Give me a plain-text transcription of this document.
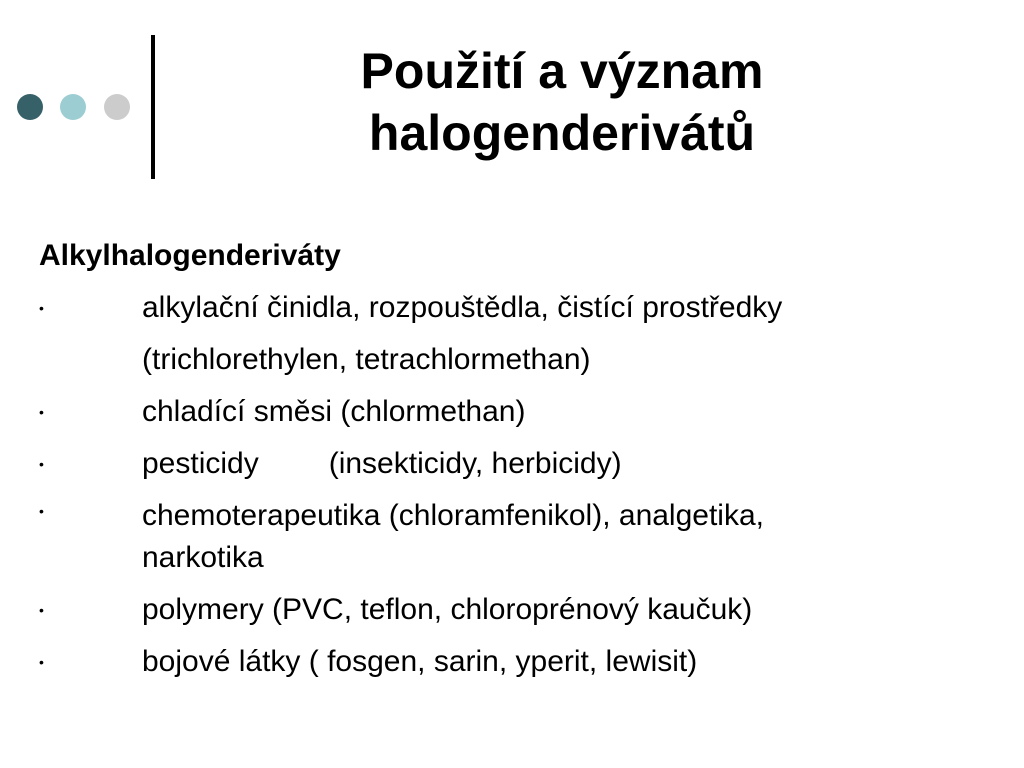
Použití a význam
halogenderivátů
Alkylhalogenderiváty
•	alkylační činidla, rozpouštědla, čistící prostředky
(trichlorethylen, tetrachlormethan)
•	chladící směsi (chlormethan)
•	pesticidy (insekticidy, herbicidy)
•	chemoterapeutika (chloramfenikol), analgetika,
narkotika
•	polymery (PVC, teflon, chloroprénový kaučuk)
•	bojové látky ( fosgen, sarin, yperit, lewisit)
